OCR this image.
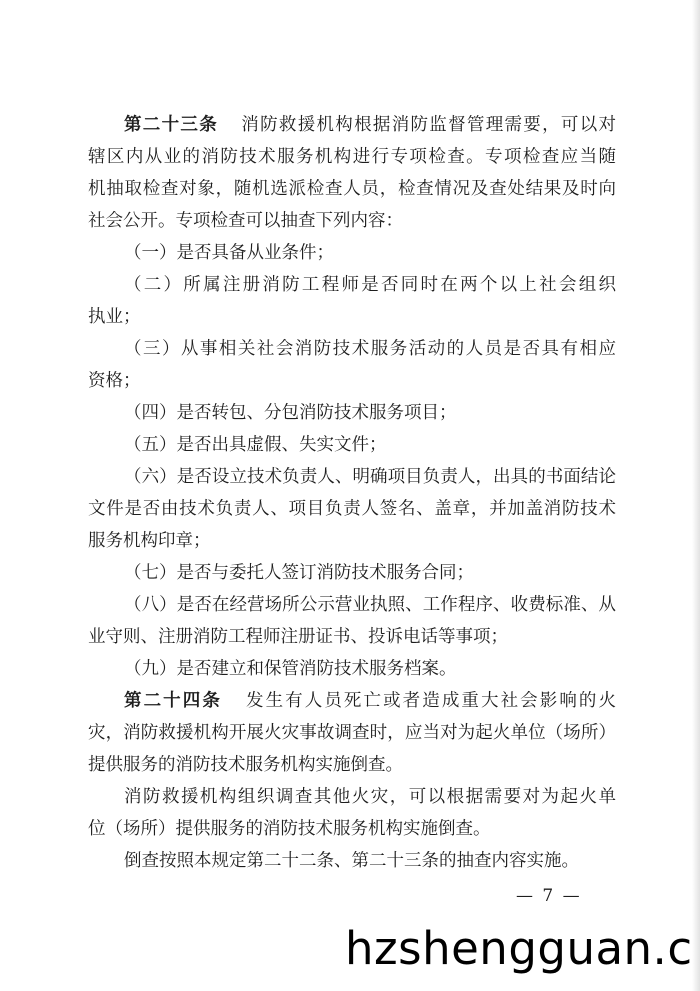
第二十三条 消防救援机构根据消防监督管理需要，可以对
辖区内从业的消防技术服务机构进行专项检查。专项检查应当随
机抽取检查对象，随机选派检查人员，检查情况及查处结果及时向
社会公开。专项检查可以抽查下列内容：
（一）是否具备从业条件；
（二）所属注册消防工程师是否同时在两个以上社会组织
执业；
（三）从事相关社会消防技术服务活动的人员是否具有相应
资格；
（四）是否转包、分包消防技术服务项目；
（五）是否出具虚假、失实文件；
（六）是否设立技术负责人、明确项目负责人，出具的书面结论
文件是否由技术负责人、项目负责人签名、盖章，并加盖消防技术
服务机构印章；
（七）是否与委托人签订消防技术服务合同；
（八）是否在经营场所公示营业执照、工作程序、收费标准、从
业守则、注册消防工程师注册证书、投诉电话等事项；
（九）是否建立和保管消防技术服务档案。
第二十四条 发生有人员死亡或者造成重大社会影响的火
灾，消防救援机构开展火灾事故调查时，应当对为起火单位（场所）
提供服务的消防技术服务机构实施倒查。
消防救援机构组织调查其他火灾，可以根据需要对为起火单
位（场所）提供服务的消防技术服务机构实施倒查。
倒查按照本规定第二十二条、第二十三条的抽查内容实施。
— 7 —
hzshengguan.c
